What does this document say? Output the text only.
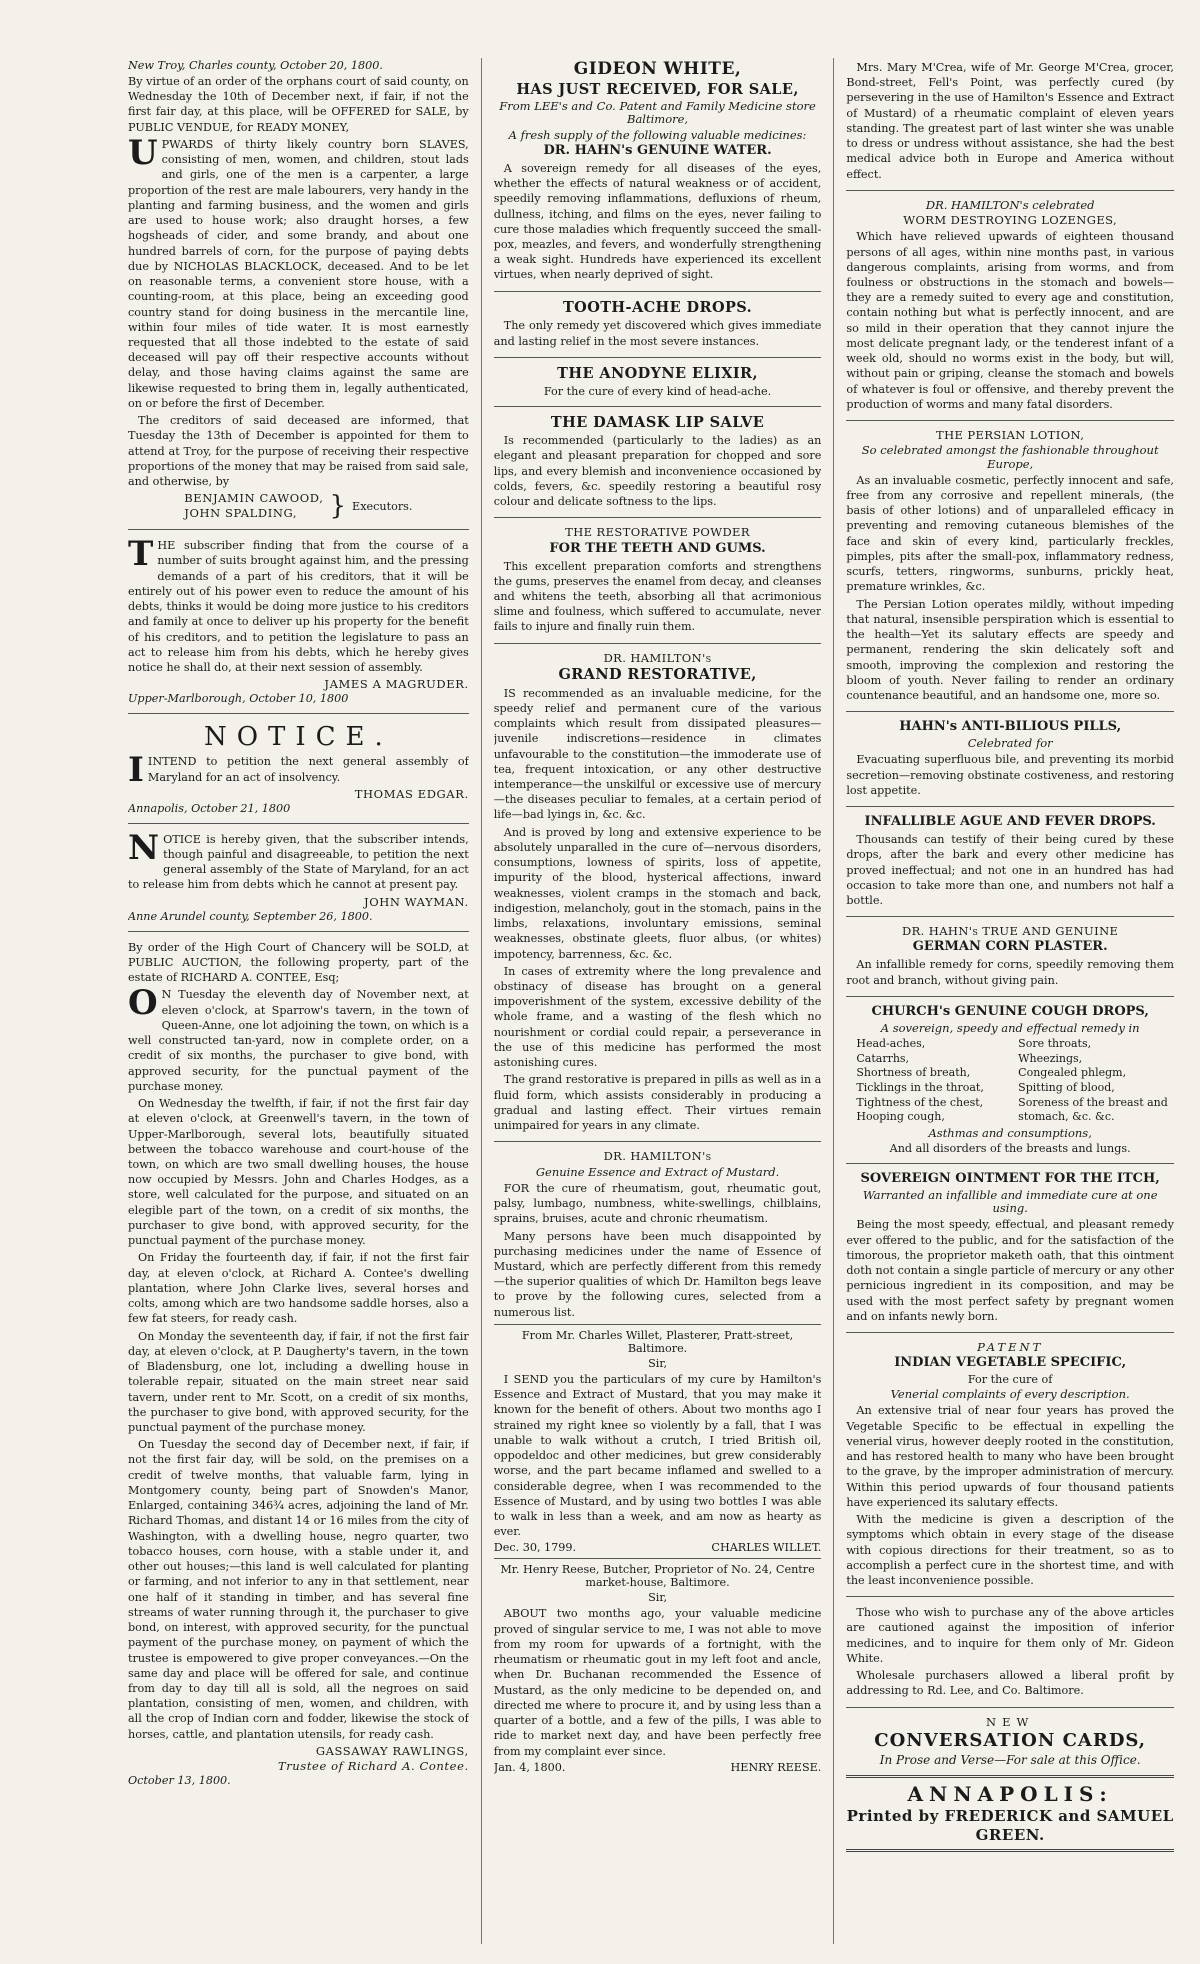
New Troy, Charles county, October 20, 1800.
By virtue of an order of the orphans court of said county, on Wednesday the 10th of December next, if fair, if not the first fair day, at this place, will be OFFERED for SALE, by PUBLIC VENDUE, for READY MONEY,
UPWARDS of thirty likely country born SLAVES, consisting of men, women, and children, stout lads and girls, one of the men is a carpenter, a large proportion of the rest are male labourers, very handy in the planting and farming business, and the women and girls are used to house work; also draught horses, a few hogsheads of cider, and some brandy, and about one hundred barrels of corn, for the purpose of paying debts due by NICHOLAS BLACKLOCK, deceased. And to be let on reasonable terms, a convenient store house, with a counting-room, at this place, being an exceeding good country stand for doing business in the mercantile line, within four miles of tide water. It is most earnestly requested that all those indebted to the estate of said deceased will pay off their respective accounts without delay, and those having claims against the same are likewise requested to bring them in, legally authenticated, on or before the first of December.
The creditors of said deceased are informed, that Tuesday the 13th of December is appointed for them to attend at Troy, for the purpose of receiving their respective proportions of the money that may be raised from said sale, and otherwise, by
BENJAMIN CAWOOD,
JOHN SPALDING,	} Executors.
THE subscriber finding that from the course of a number of suits brought against him, and the pressing demands of a part of his creditors, that it will be entirely out of his power even to reduce the amount of his debts, thinks it would be doing more justice to his creditors and family at once to deliver up his property for the benefit of his creditors, and to petition the legislature to pass an act to release him from his debts, which he hereby gives notice he shall do, at their next session of assembly.
JAMES A MAGRUDER.
Upper-Marlborough, October 10, 1800
NOTICE.
IINTEND to petition the next general assembly of Maryland for an act of insolvency.
THOMAS EDGAR.
Annapolis, October 21, 1800
NOTICE is hereby given, that the subscriber intends, though painful and disagreeable, to petition the next general assembly of the State of Maryland, for an act to release him from debts which he cannot at present pay.
JOHN WAYMAN.
Anne Arundel county, September 26, 1800.
By order of the High Court of Chancery will be SOLD, at PUBLIC AUCTION, the following property, part of the estate of RICHARD A. CONTEE, Esq;
ON Tuesday the eleventh day of November next, at eleven o'clock, at Sparrow's tavern, in the town of Queen-Anne, one lot adjoining the town, on which is a well constructed tan-yard, now in complete order, on a credit of six months, the purchaser to give bond, with approved security, for the punctual payment of the purchase money.
On Wednesday the twelfth, if fair, if not the first fair day at eleven o'clock, at Greenwell's tavern, in the town of Upper-Marlborough, several lots, beautifully situated between the tobacco warehouse and court-house of the town, on which are two small dwelling houses, the house now occupied by Messrs. John and Charles Hodges, as a store, well calculated for the purpose, and situated on an elegible part of the town, on a credit of six months, the purchaser to give bond, with approved security, for the punctual payment of the purchase money.
On Friday the fourteenth day, if fair, if not the first fair day, at eleven o'clock, at Richard A. Contee's dwelling plantation, where John Clarke lives, several horses and colts, among which are two handsome saddle horses, also a few fat steers, for ready cash.
On Monday the seventeenth day, if fair, if not the first fair day, at eleven o'clock, at P. Daugherty's tavern, in the town of Bladensburg, one lot, including a dwelling house in tolerable repair, situated on the main street near said tavern, under rent to Mr. Scott, on a credit of six months, the purchaser to give bond, with approved security, for the punctual payment of the purchase money.
On Tuesday the second day of December next, if fair, if not the first fair day, will be sold, on the premises on a credit of twelve months, that valuable farm, lying in Montgomery county, being part of Snowden's Manor, Enlarged, containing 346¾ acres, adjoining the land of Mr. Richard Thomas, and distant 14 or 16 miles from the city of Washington, with a dwelling house, negro quarter, two tobacco houses, corn house, with a stable under it, and other out houses;—this land is well calculated for planting or farming, and not inferior to any in that settlement, near one half of it standing in timber, and has several fine streams of water running through it, the purchaser to give bond, on interest, with approved security, for the punctual payment of the purchase money, on payment of which the trustee is empowered to give proper conveyances.—On the same day and place will be offered for sale, and continue from day to day till all is sold, all the negroes on said plantation, consisting of men, women, and children, with all the crop of Indian corn and fodder, likewise the stock of horses, cattle, and plantation utensils, for ready cash.
GASSAWAY RAWLINGS,
Trustee of Richard A. Contee.
October 13, 1800.
GIDEON WHITE,
HAS JUST RECEIVED, FOR SALE,
From LEE's and Co. Patent and Family Medicine store Baltimore,
A fresh supply of the following valuable medicines:
DR. HAHN's GENUINE WATER.
A sovereign remedy for all diseases of the eyes, whether the effects of natural weakness or of accident, speedily removing inflammations, defluxions of rheum, dullness, itching, and films on the eyes, never failing to cure those maladies which frequently succeed the small-pox, meazles, and fevers, and wonderfully strengthening a weak sight. Hundreds have experienced its excellent virtues, when nearly deprived of sight.
TOOTH-ACHE DROPS.
The only remedy yet discovered which gives immediate and lasting relief in the most severe instances.
THE ANODYNE ELIXIR,
For the cure of every kind of head-ache.
THE DAMASK LIP SALVE
Is recommended (particularly to the ladies) as an elegant and pleasant preparation for chopped and sore lips, and every blemish and inconvenience occasioned by colds, fevers, &c. speedily restoring a beautiful rosy colour and delicate softness to the lips.
THE RESTORATIVE POWDER
FOR THE TEETH AND GUMS.
This excellent preparation comforts and strengthens the gums, preserves the enamel from decay, and cleanses and whitens the teeth, absorbing all that acrimonious slime and foulness, which suffered to accumulate, never fails to injure and finally ruin them.
DR. HAMILTON's
GRAND RESTORATIVE,
IS recommended as an invaluable medicine, for the speedy relief and permanent cure of the various complaints which result from dissipated pleasures—juvenile indiscretions—residence in climates unfavourable to the constitution—the immoderate use of tea, frequent intoxication, or any other destructive intemperance—the unskilful or excessive use of mercury—the diseases peculiar to females, at a certain period of life—bad lyings in, &c. &c.
And is proved by long and extensive experience to be absolutely unparalled in the cure of—nervous disorders, consumptions, lowness of spirits, loss of appetite, impurity of the blood, hysterical affections, inward weaknesses, violent cramps in the stomach and back, indigestion, melancholy, gout in the stomach, pains in the limbs, relaxations, involuntary emissions, seminal weaknesses, obstinate gleets, fluor albus, (or whites) impotency, barrenness, &c. &c.
In cases of extremity where the long prevalence and obstinacy of disease has brought on a general impoverishment of the system, excessive debility of the whole frame, and a wasting of the flesh which no nourishment or cordial could repair, a perseverance in the use of this medicine has performed the most astonishing cures.
The grand restorative is prepared in pills as well as in a fluid form, which assists considerably in producing a gradual and lasting effect. Their virtues remain unimpaired for years in any climate.
DR. HAMILTON's
Genuine Essence and Extract of Mustard.
FOR the cure of rheumatism, gout, rheumatic gout, palsy, lumbago, numbness, white-swellings, chilblains, sprains, bruises, acute and chronic rheumatism.
Many persons have been much disappointed by purchasing medicines under the name of Essence of Mustard, which are perfectly different from this remedy—the superior qualities of which Dr. Hamilton begs leave to prove by the following cures, selected from a numerous list.
From Mr. Charles Willet, Plasterer, Pratt-street, Baltimore.
Sir,
I SEND you the particulars of my cure by Hamilton's Essence and Extract of Mustard, that you may make it known for the benefit of others. About two months ago I strained my right knee so violently by a fall, that I was unable to walk without a crutch, I tried British oil, oppodeldoc and other medicines, but grew considerably worse, and the part became inflamed and swelled to a considerable degree, when I was recommended to the Essence of Mustard, and by using two bottles I was able to walk in less than a week, and am now as hearty as ever.
Dec. 30, 1799.	CHARLES WILLET.
Mr. Henry Reese, Butcher, Proprietor of No. 24, Centre market-house, Baltimore.
Sir,
ABOUT two months ago, your valuable medicine proved of singular service to me, I was not able to move from my room for upwards of a fortnight, with the rheumatism or rheumatic gout in my left foot and ancle, when Dr. Buchanan recommended the Essence of Mustard, as the only medicine to be depended on, and directed me where to procure it, and by using less than a quarter of a bottle, and a few of the pills, I was able to ride to market next day, and have been perfectly free from my complaint ever since.
Jan. 4, 1800.	HENRY REESE.
Mrs. Mary M'Crea, wife of Mr. George M'Crea, grocer, Bond-street, Fell's Point, was perfectly cured (by persevering in the use of Hamilton's Essence and Extract of Mustard) of a rheumatic complaint of eleven years standing. The greatest part of last winter she was unable to dress or undress without assistance, she had the best medical advice both in Europe and America without effect.
DR. HAMILTON's celebrated
WORM DESTROYING LOZENGES,
Which have relieved upwards of eighteen thousand persons of all ages, within nine months past, in various dangerous complaints, arising from worms, and from foulness or obstructions in the stomach and bowels—they are a remedy suited to every age and constitution, contain nothing but what is perfectly innocent, and are so mild in their operation that they cannot injure the most delicate pregnant lady, or the tenderest infant of a week old, should no worms exist in the body, but will, without pain or griping, cleanse the stomach and bowels of whatever is foul or offensive, and thereby prevent the production of worms and many fatal disorders.
THE PERSIAN LOTION,
So celebrated amongst the fashionable throughout Europe,
As an invaluable cosmetic, perfectly innocent and safe, free from any corrosive and repellent minerals, (the basis of other lotions) and of unparalleled efficacy in preventing and removing cutaneous blemishes of the face and skin of every kind, particularly freckles, pimples, pits after the small-pox, inflammatory redness, scurfs, tetters, ringworms, sunburns, prickly heat, premature wrinkles, &c.
The Persian Lotion operates mildly, without impeding that natural, insensible perspiration which is essential to the health—Yet its salutary effects are speedy and permanent, rendering the skin delicately soft and smooth, improving the complexion and restoring the bloom of youth. Never failing to render an ordinary countenance beautiful, and an handsome one, more so.
HAHN's ANTI-BILIOUS PILLS,
Celebrated for
Evacuating superfluous bile, and preventing its morbid secretion—removing obstinate costiveness, and restoring lost appetite.
INFALLIBLE AGUE AND FEVER DROPS.
Thousands can testify of their being cured by these drops, after the bark and every other medicine has proved ineffectual; and not one in an hundred has had occasion to take more than one, and numbers not half a bottle.
DR. HAHN's TRUE AND GENUINE
GERMAN CORN PLASTER.
An infallible remedy for corns, speedily removing them root and branch, without giving pain.
CHURCH's GENUINE COUGH DROPS,
A sovereign, speedy and effectual remedy in
Head-aches,	Sore throats,
Catarrhs,	Wheezings,
Shortness of breath,	Congealed phlegm,
Ticklings in the throat,	Spitting of blood,
Tightness of the chest,	Soreness of the breast and
Hooping cough,	stomach, &c. &c.
Asthmas and consumptions,
And all disorders of the breasts and lungs.
SOVEREIGN OINTMENT FOR THE ITCH,
Warranted an infallible and immediate cure at one using.
Being the most speedy, effectual, and pleasant remedy ever offered to the public, and for the satisfaction of the timorous, the proprietor maketh oath, that this ointment doth not contain a single particle of mercury or any other pernicious ingredient in its composition, and may be used with the most perfect safety by pregnant women and on infants newly born.
PATENT
INDIAN VEGETABLE SPECIFIC,
For the cure of
Venerial complaints of every description.
An extensive trial of near four years has proved the Vegetable Specific to be effectual in expelling the venerial virus, however deeply rooted in the constitution, and has restored health to many who have been brought to the grave, by the improper administration of mercury. Within this period upwards of four thousand patients have experienced its salutary effects.
With the medicine is given a description of the symptoms which obtain in every stage of the disease with copious directions for their treatment, so as to accomplish a perfect cure in the shortest time, and with the least inconvenience possible.
Those who wish to purchase any of the above articles are cautioned against the imposition of inferior medicines, and to inquire for them only of Mr. Gideon White.
Wholesale purchasers allowed a liberal profit by addressing to Rd. Lee, and Co. Baltimore.
NEW
CONVERSATION CARDS,
In Prose and Verse—For sale at this Office.
ANNAPOLIS:
Printed by FREDERICK and SAMUEL
GREEN.
